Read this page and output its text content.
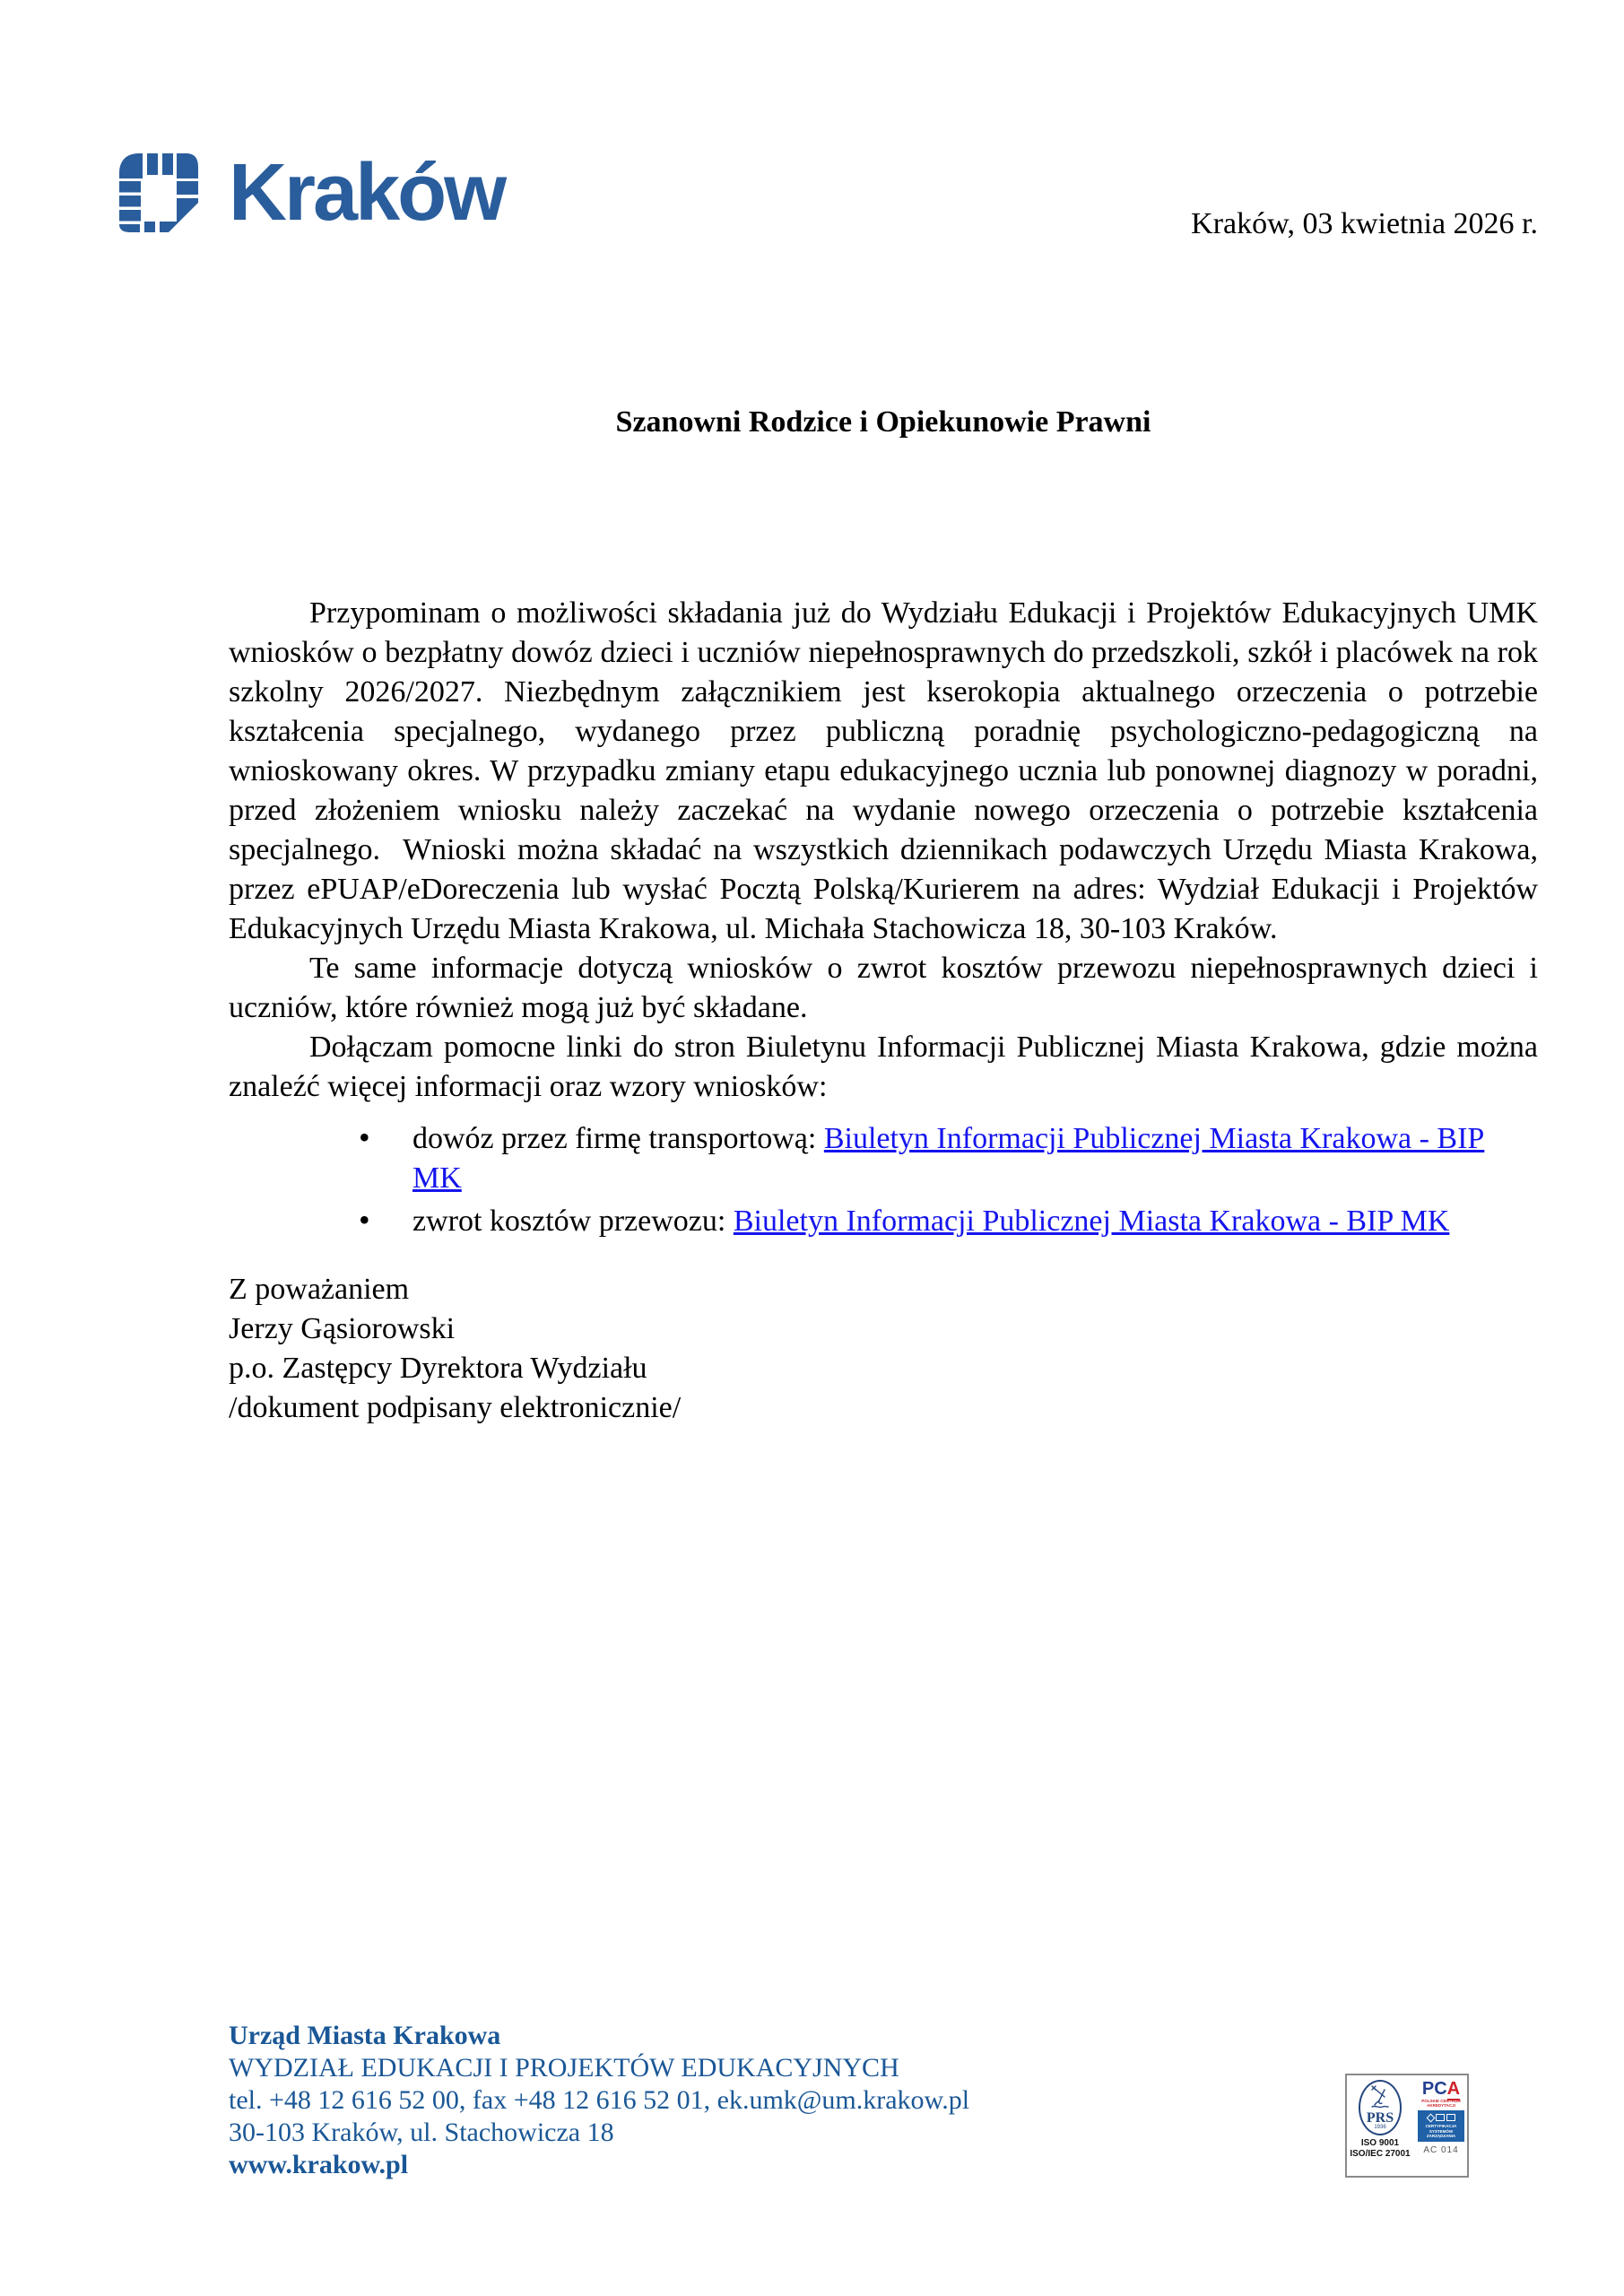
Kraków	Kraków, 03 kwietnia 2026 r.
Szanowni Rodzice i Opiekunowie Prawni

Przypominam o możliwości składania już do Wydziału Edukacji i Projektów Edukacyjnych UMK wniosków o bezpłatny dowóz dzieci i uczniów niepełnosprawnych do przedszkoli, szkół i placówek na rok szkolny 2026/2027. Niezbędnym załącznikiem jest kserokopia aktualnego orzeczenia o potrzebie kształcenia specjalnego, wydanego przez publiczną poradnię psychologiczno-pedagogiczną na wnioskowany okres. W przypadku zmiany etapu edukacyjnego ucznia lub ponownej diagnozy w poradni, przed złożeniem wniosku należy zaczekać na wydanie nowego orzeczenia o potrzebie kształcenia specjalnego.  Wnioski można składać na wszystkich dziennikach podawczych Urzędu Miasta Krakowa, przez ePUAP/eDoreczenia lub wysłać Pocztą Polską/Kurierem na adres: Wydział Edukacji i Projektów Edukacyjnych Urzędu Miasta Krakowa, ul. Michała Stachowicza 18, 30-103 Kraków.

Te same informacje dotyczą wniosków o zwrot kosztów przewozu niepełnosprawnych dzieci i uczniów, które również mogą już być składane.

Dołączam pomocne linki do stron Biuletynu Informacji Publicznej Miasta Krakowa, gdzie można znaleźć więcej informacji oraz wzory wniosków:

• dowóz przez firmę transportową: Biuletyn Informacji Publicznej Miasta Krakowa - BIP MK
• zwrot kosztów przewozu: Biuletyn Informacji Publicznej Miasta Krakowa - BIP MK
Z poważaniem
Jerzy Gąsiorowski
p.o. Zastępcy Dyrektora Wydziału
/dokument podpisany elektronicznie/
Urząd Miasta Krakowa
WYDZIAŁ EDUKACJI I PROJEKTÓW EDUKACYJNYCH
tel. +48 12 616 52 00, fax +48 12 616 52 01, ek.umk@um.krakow.pl
30-103 Kraków, ul. Stachowicza 18
www.krakow.pl
PRS
1936
ISO 9001
ISO/IEC 27001
PCA
POLSKIE CENTRUM
AKREDYTACJI
CERTYFIKACJA
SYSTEMÓW
ZARZĄDZANIA
AC 014
